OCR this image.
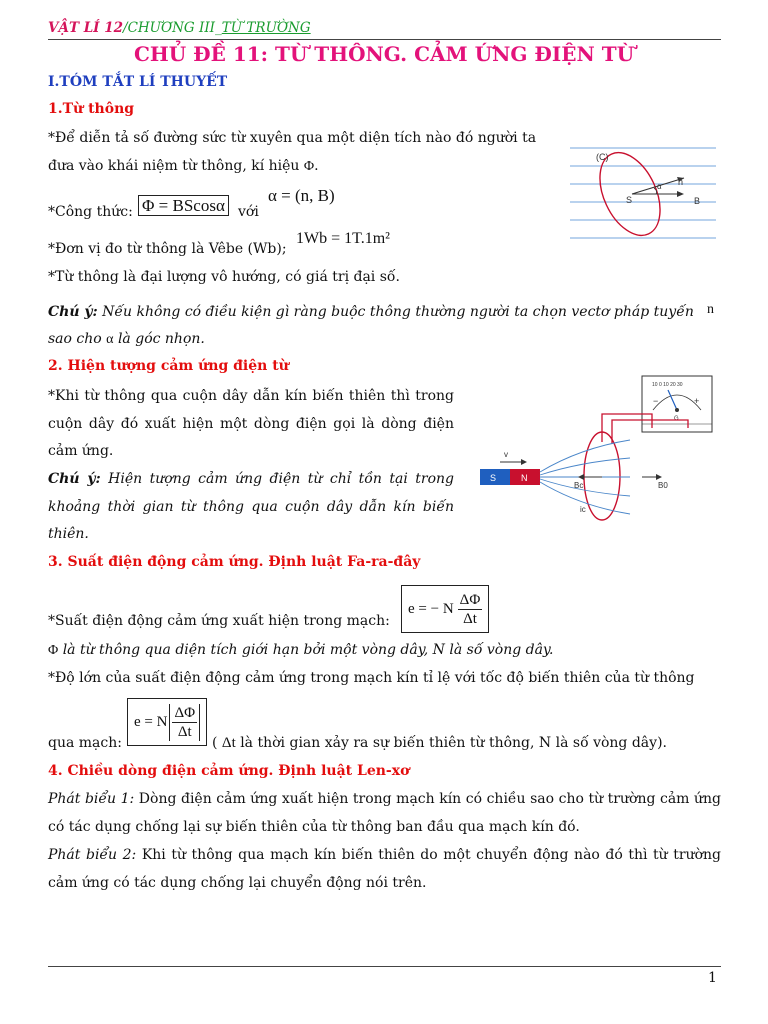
VẬT LÍ 12/CHƯƠNG III_TỪ TRƯỜNG
CHỦ ĐỀ 11: TỪ THÔNG. CẢM ỨNG ĐIỆN TỪ
I.TÓM TẮT LÍ THUYẾT
1.Từ thông
*Để diễn tả số đường sức từ xuyên qua một diện tích nào đó người ta đưa vào khái niệm từ thông, kí hiệu Φ.
*Công thức: Φ = BScosα với
α = (n, B)
*Đơn vị đo từ thông là Vêbe (Wb);
1Wb = 1T.1m²
*Từ thông là đại lượng vô hướng, có giá trị đại số.
Chú ý: Nếu không có điều kiện gì ràng buộc thông thường người ta chọn vectơ pháp tuyến n
sao cho α là góc nhọn.
(C)
n
α
S	B
2. Hiện tượng cảm ứng điện từ
*Khi từ thông qua cuộn dây dẫn kín biến thiên thì trong cuộn dây đó xuất hiện một dòng điện gọi là dòng điện cảm ứng.
Chú ý: Hiện tượng cảm ứng điện từ chỉ tồn tại trong khoảng thời gian từ thông qua cuộn dây dẫn kín biến thiên.
10 0 10 20 30
−	+
G
S	N
v
Bc	B0
ic
3. Suất điện động cảm ứng. Định luật Fa-ra-đây
*Suất điện động cảm ứng xuất hiện trong mạch:
e = − N $\frac{\Delta\Phi}{\Delta t}$
Φ là từ thông qua diện tích giới hạn bởi một vòng dây, N là số vòng dây.
*Độ lớn của suất điện động cảm ứng trong mạch kín tỉ lệ với tốc độ biến thiên của từ thông
qua mạch:
e = N $\frac{\Delta\Phi}{\Delta t}$
( Δt là thời gian xảy ra sự biến thiên từ thông, N là số vòng dây).
4. Chiều dòng điện cảm ứng. Định luật Len-xơ
Phát biểu 1: Dòng điện cảm ứng xuất hiện trong mạch kín có chiều sao cho từ trường cảm ứng có tác dụng chống lại sự biến thiên của từ thông ban đầu qua mạch kín đó.
Phát biểu 2: Khi từ thông qua mạch kín biến thiên do một chuyển động nào đó thì từ trường cảm ứng có tác dụng chống lại chuyển động nói trên.
1
